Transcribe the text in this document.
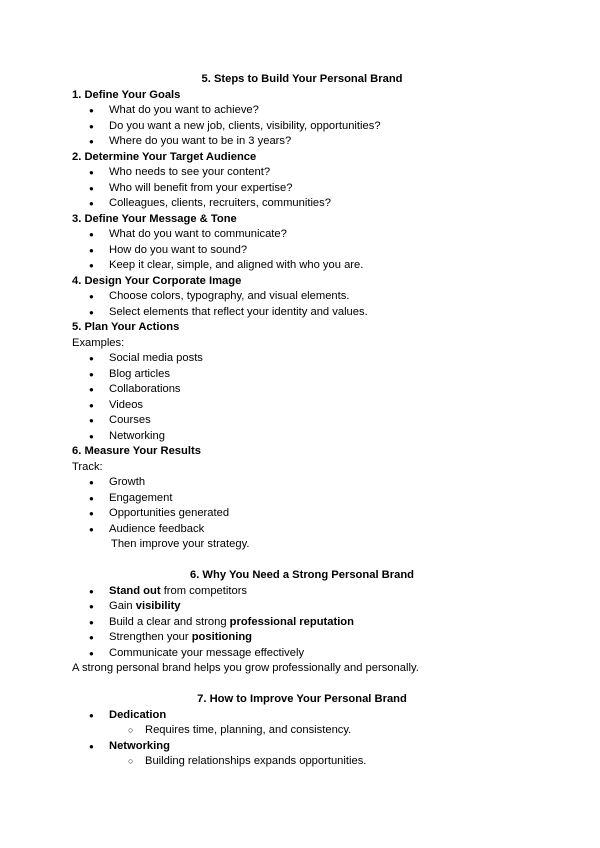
5. Steps to Build Your Personal Brand
1. Define Your Goals
● What do you want to achieve?
● Do you want a new job, clients, visibility, opportunities?
● Where do you want to be in 3 years?
2. Determine Your Target Audience
● Who needs to see your content?
● Who will benefit from your expertise?
● Colleagues, clients, recruiters, communities?
3. Define Your Message & Tone
● What do you want to communicate?
● How do you want to sound?
● Keep it clear, simple, and aligned with who you are.
4. Design Your Corporate Image
● Choose colors, typography, and visual elements.
● Select elements that reflect your identity and values.
5. Plan Your Actions
Examples:
● Social media posts
● Blog articles
● Collaborations
● Videos
● Courses
● Networking
6. Measure Your Results
Track:
● Growth
● Engagement
● Opportunities generated
● Audience feedback
Then improve your strategy.
6. Why You Need a Strong Personal Brand
● Stand out from competitors
● Gain visibility
● Build a clear and strong professional reputation
● Strengthen your positioning
● Communicate your message effectively
A strong personal brand helps you grow professionally and personally.
7. How to Improve Your Personal Brand
● Dedication
○ Requires time, planning, and consistency.
● Networking
○ Building relationships expands opportunities.
